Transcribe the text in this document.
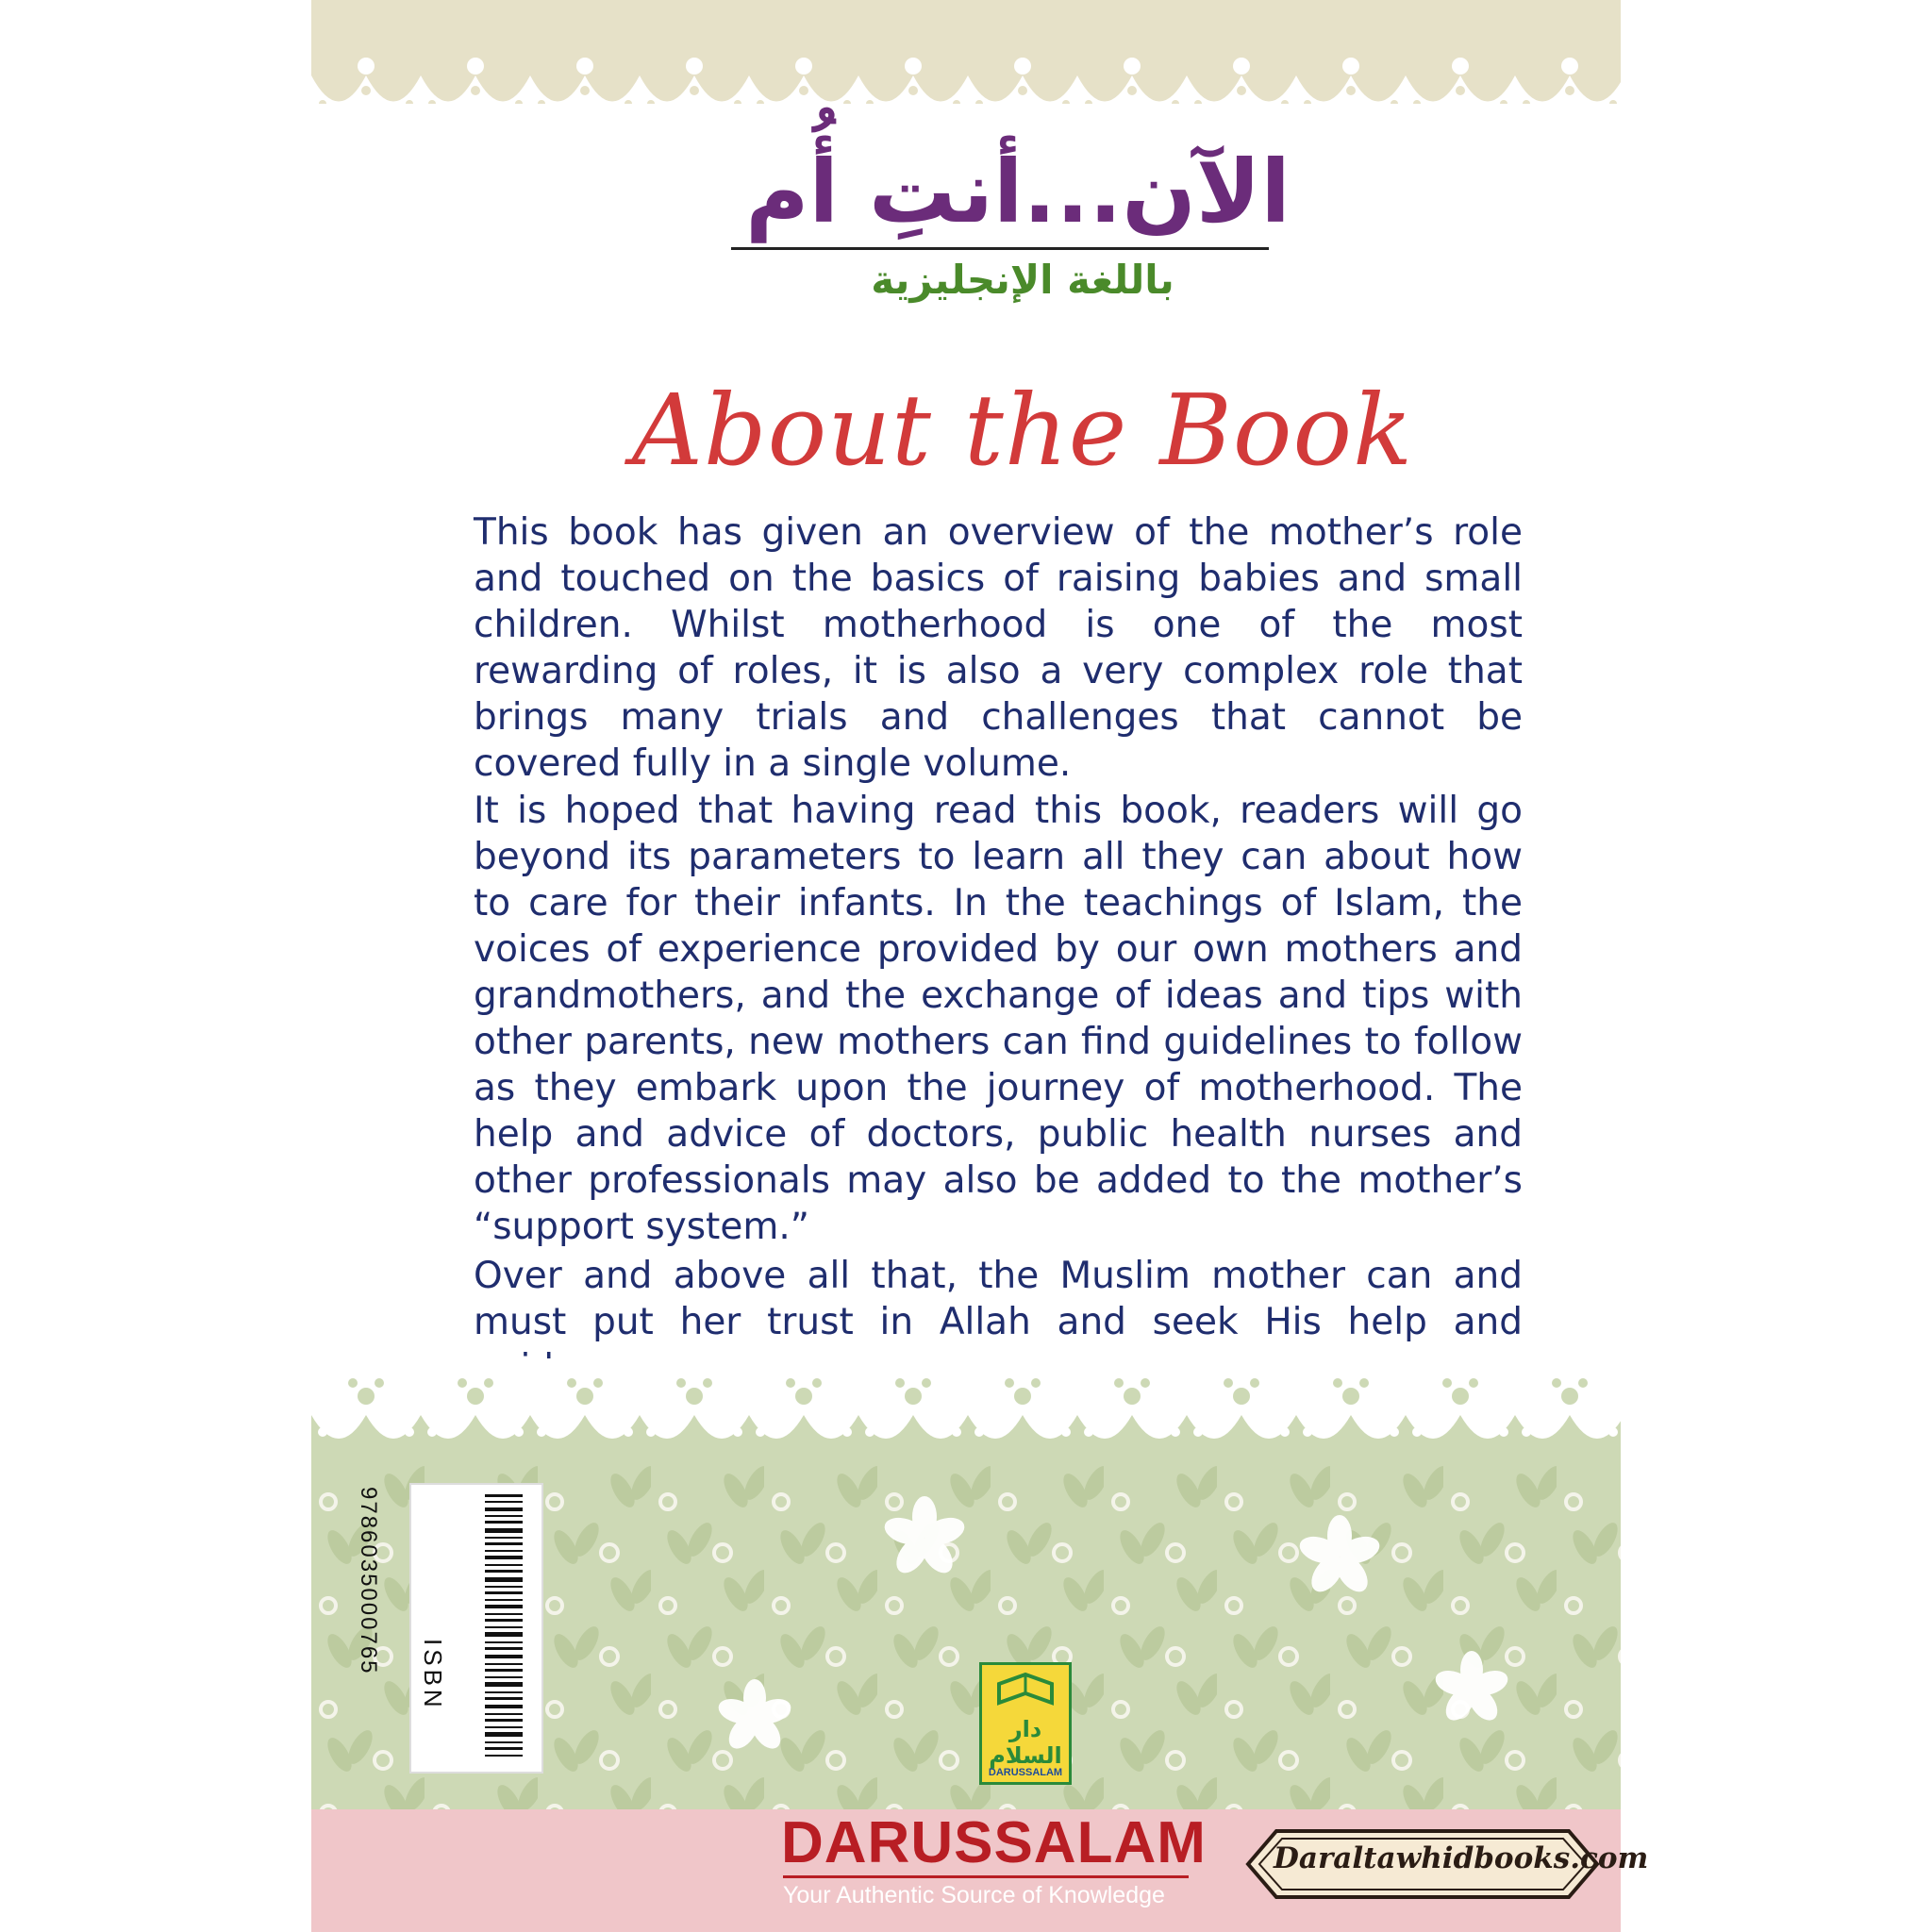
الآن...أنتِ أُم
باللغة الإنجليزية
About the Book

This book has given an overview of the mother’s role and touched on the basics of raising babies and small children. Whilst motherhood is one of the most rewarding of roles, it is also a very complex role that brings many trials and challenges that cannot be covered fully in a single volume.

It is hoped that having read this book, readers will go beyond its parameters to learn all they can about how to care for their infants. In the teachings of Islam, the voices of experience provided by our own mothers and grandmothers, and the exchange of ideas and tips with other parents, new mothers can find guidelines to follow as they embark upon the journey of motherhood. The help and advice of doctors, public health nurses and other professionals may also be added to the mother’s “support system.”

Over and above all that, the Muslim mother can and must put her trust in Allah and seek His help and

ISBN
9786035000765
دار السلام
DARUSSALAM
DARUSSALAM
Your Authentic Source of Knowledge
Daraltawhidbooks.com
